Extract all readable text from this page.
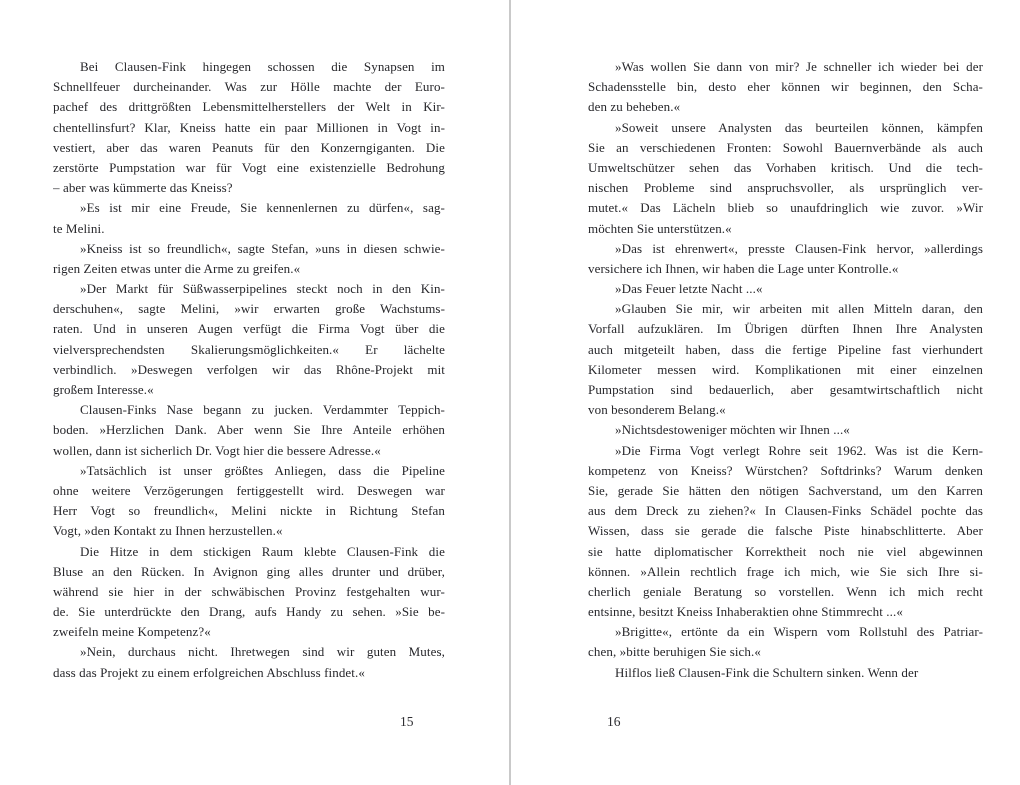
Bei Clausen-Fink hingegen schossen die Synapsen im
Schnellfeuer durcheinander. Was zur Hölle machte der Euro-
pachef des drittgrößten Lebensmittelherstellers der Welt in Kir-
chentellinsfurt? Klar, Kneiss hatte ein paar Millionen in Vogt in-
vestiert, aber das waren Peanuts für den Konzerngiganten. Die
zerstörte Pumpstation war für Vogt eine existenzielle Bedrohung
– aber was kümmerte das Kneiss?
»Es ist mir eine Freude, Sie kennenlernen zu dürfen«, sag-
te Melini.
»Kneiss ist so freundlich«, sagte Stefan, »uns in diesen schwie-
rigen Zeiten etwas unter die Arme zu greifen.«
»Der Markt für Süßwasserpipelines steckt noch in den Kin-
derschuhen«, sagte Melini, »wir erwarten große Wachstums-
raten. Und in unseren Augen verfügt die Firma Vogt über die
vielversprechendsten Skalierungsmöglichkeiten.« Er lächelte
verbindlich. »Deswegen verfolgen wir das Rhône-Projekt mit
großem Interesse.«
Clausen-Finks Nase begann zu jucken. Verdammter Teppich-
boden. »Herzlichen Dank. Aber wenn Sie Ihre Anteile erhöhen
wollen, dann ist sicherlich Dr. Vogt hier die bessere Adresse.«
»Tatsächlich ist unser größtes Anliegen, dass die Pipeline
ohne weitere Verzögerungen fertiggestellt wird. Deswegen war
Herr Vogt so freundlich«, Melini nickte in Richtung Stefan
Vogt, »den Kontakt zu Ihnen herzustellen.«
Die Hitze in dem stickigen Raum klebte Clausen-Fink die
Bluse an den Rücken. In Avignon ging alles drunter und drüber,
während sie hier in der schwäbischen Provinz festgehalten wur-
de. Sie unterdrückte den Drang, aufs Handy zu sehen. »Sie be-
zweifeln meine Kompetenz?«
»Nein, durchaus nicht. Ihretwegen sind wir guten Mutes,
dass das Projekt zu einem erfolgreichen Abschluss findet.«
»Was wollen Sie dann von mir? Je schneller ich wieder bei der
Schadensstelle bin, desto eher können wir beginnen, den Scha-
den zu beheben.«
»Soweit unsere Analysten das beurteilen können, kämpfen
Sie an verschiedenen Fronten: Sowohl Bauernverbände als auch
Umweltschützer sehen das Vorhaben kritisch. Und die tech-
nischen Probleme sind anspruchsvoller, als ursprünglich ver-
mutet.« Das Lächeln blieb so unaufdringlich wie zuvor. »Wir
möchten Sie unterstützen.«
»Das ist ehrenwert«, presste Clausen-Fink hervor, »allerdings
versichere ich Ihnen, wir haben die Lage unter Kontrolle.«
»Das Feuer letzte Nacht ...«
»Glauben Sie mir, wir arbeiten mit allen Mitteln daran, den
Vorfall aufzuklären. Im Übrigen dürften Ihnen Ihre Analysten
auch mitgeteilt haben, dass die fertige Pipeline fast vierhundert
Kilometer messen wird. Komplikationen mit einer einzelnen
Pumpstation sind bedauerlich, aber gesamtwirtschaftlich nicht
von besonderem Belang.«
»Nichtsdestoweniger möchten wir Ihnen ...«
»Die Firma Vogt verlegt Rohre seit 1962. Was ist die Kern-
kompetenz von Kneiss? Würstchen? Softdrinks? Warum denken
Sie, gerade Sie hätten den nötigen Sachverstand, um den Karren
aus dem Dreck zu ziehen?« In Clausen-Finks Schädel pochte das
Wissen, dass sie gerade die falsche Piste hinabschlitterte. Aber
sie hatte diplomatischer Korrektheit noch nie viel abgewinnen
können. »Allein rechtlich frage ich mich, wie Sie sich Ihre si-
cherlich geniale Beratung so vorstellen. Wenn ich mich recht
entsinne, besitzt Kneiss Inhaberaktien ohne Stimmrecht ...«
»Brigitte«, ertönte da ein Wispern vom Rollstuhl des Patriar-
chen, »bitte beruhigen Sie sich.«
Hilflos ließ Clausen-Fink die Schultern sinken. Wenn der
15	16
